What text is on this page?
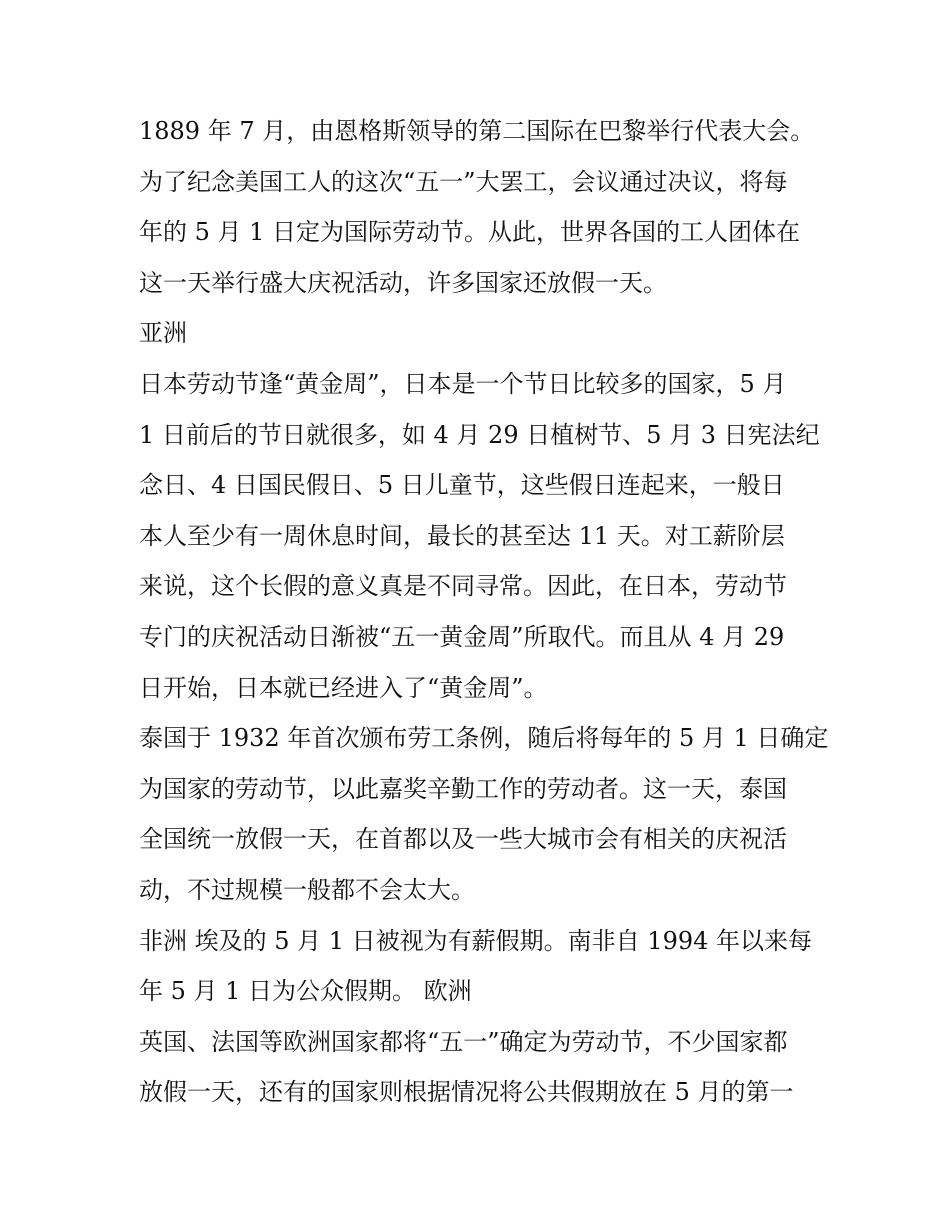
1889 年 7 月，由恩格斯领导的第二国际在巴黎举行代表大会。
为了纪念美国工人的这次“五一”大罢工，会议通过决议，将每
年的 5 月 1 日定为国际劳动节。从此，世界各国的工人团体在
这一天举行盛大庆祝活动，许多国家还放假一天。
亚洲
日本劳动节逢“黄金周”，日本是一个节日比较多的国家，5 月
1 日前后的节日就很多，如 4 月 29 日植树节、5 月 3 日宪法纪
念日、4 日国民假日、5 日儿童节，这些假日连起来，一般日
本人至少有一周休息时间，最长的甚至达 11 天。对工薪阶层
来说，这个长假的意义真是不同寻常。因此，在日本，劳动节
专门的庆祝活动日渐被“五一黄金周”所取代。而且从 4 月 29
日开始，日本就已经进入了“黄金周”。
泰国于 1932 年首次颁布劳工条例，随后将每年的 5 月 1 日确定
为国家的劳动节，以此嘉奖辛勤工作的劳动者。这一天，泰国
全国统一放假一天，在首都以及一些大城市会有相关的庆祝活
动，不过规模一般都不会太大。
非洲 埃及的 5 月 1 日被视为有薪假期。南非自 1994 年以来每
年 5 月 1 日为公众假期。 欧洲
英国、法国等欧洲国家都将“五一”确定为劳动节，不少国家都
放假一天，还有的国家则根据情况将公共假期放在 5 月的第一
